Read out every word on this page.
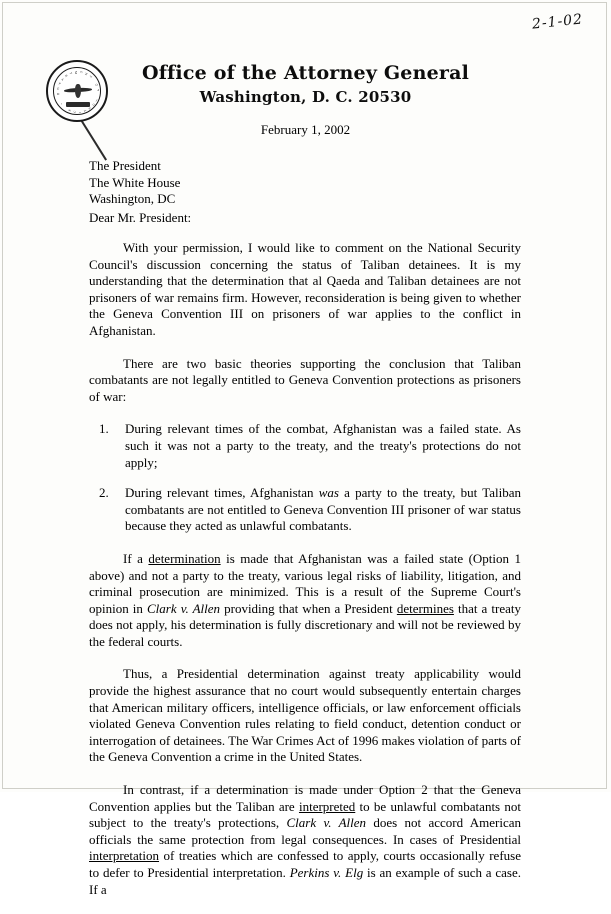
2-1-02
D
E
P
A
R
T M E N
T
O
F
J
U
S
T
I
C
E
•
Office of the Attorney General
Washington, D. C. 20530
February 1, 2002
The President
The White House
Washington, DC
Dear Mr. President:

With your permission, I would like to comment on the National Security Council's discussion concerning the status of Taliban detainees. It is my understanding that the determination that al Qaeda and Taliban detainees are not prisoners of war remains firm. However, reconsideration is being given to whether the Geneva Convention III on prisoners of war applies to the conflict in Afghanistan.

There are two basic theories supporting the conclusion that Taliban combatants are not legally entitled to Geneva Convention protections as prisoners of war:

1. During relevant times of the combat, Afghanistan was a failed state. As such it was not a party to the treaty, and the treaty's protections do not apply;
2. During relevant times, Afghanistan was a party to the treaty, but Taliban combatants are not entitled to Geneva Convention III prisoner of war status because they acted as unlawful combatants.

If a determination is made that Afghanistan was a failed state (Option 1 above) and not a party to the treaty, various legal risks of liability, litigation, and criminal prosecution are minimized. This is a result of the Supreme Court's opinion in Clark v. Allen providing that when a President determines that a treaty does not apply, his determination is fully discretionary and will not be reviewed by the federal courts.

Thus, a Presidential determination against treaty applicability would provide the highest assurance that no court would subsequently entertain charges that American military officers, intelligence officials, or law enforcement officials violated Geneva Convention rules relating to field conduct, detention conduct or interrogation of detainees. The War Crimes Act of 1996 makes violation of parts of the Geneva Convention a crime in the United States.

In contrast, if a determination is made under Option 2 that the Geneva Convention applies but the Taliban are interpreted to be unlawful combatants not subject to the treaty's protections, Clark v. Allen does not accord American officials the same protection from legal consequences. In cases of Presidential interpretation of treaties which are confessed to apply, courts occasionally refuse to defer to Presidential interpretation. Perkins v. Elg is an example of such a case. If a
